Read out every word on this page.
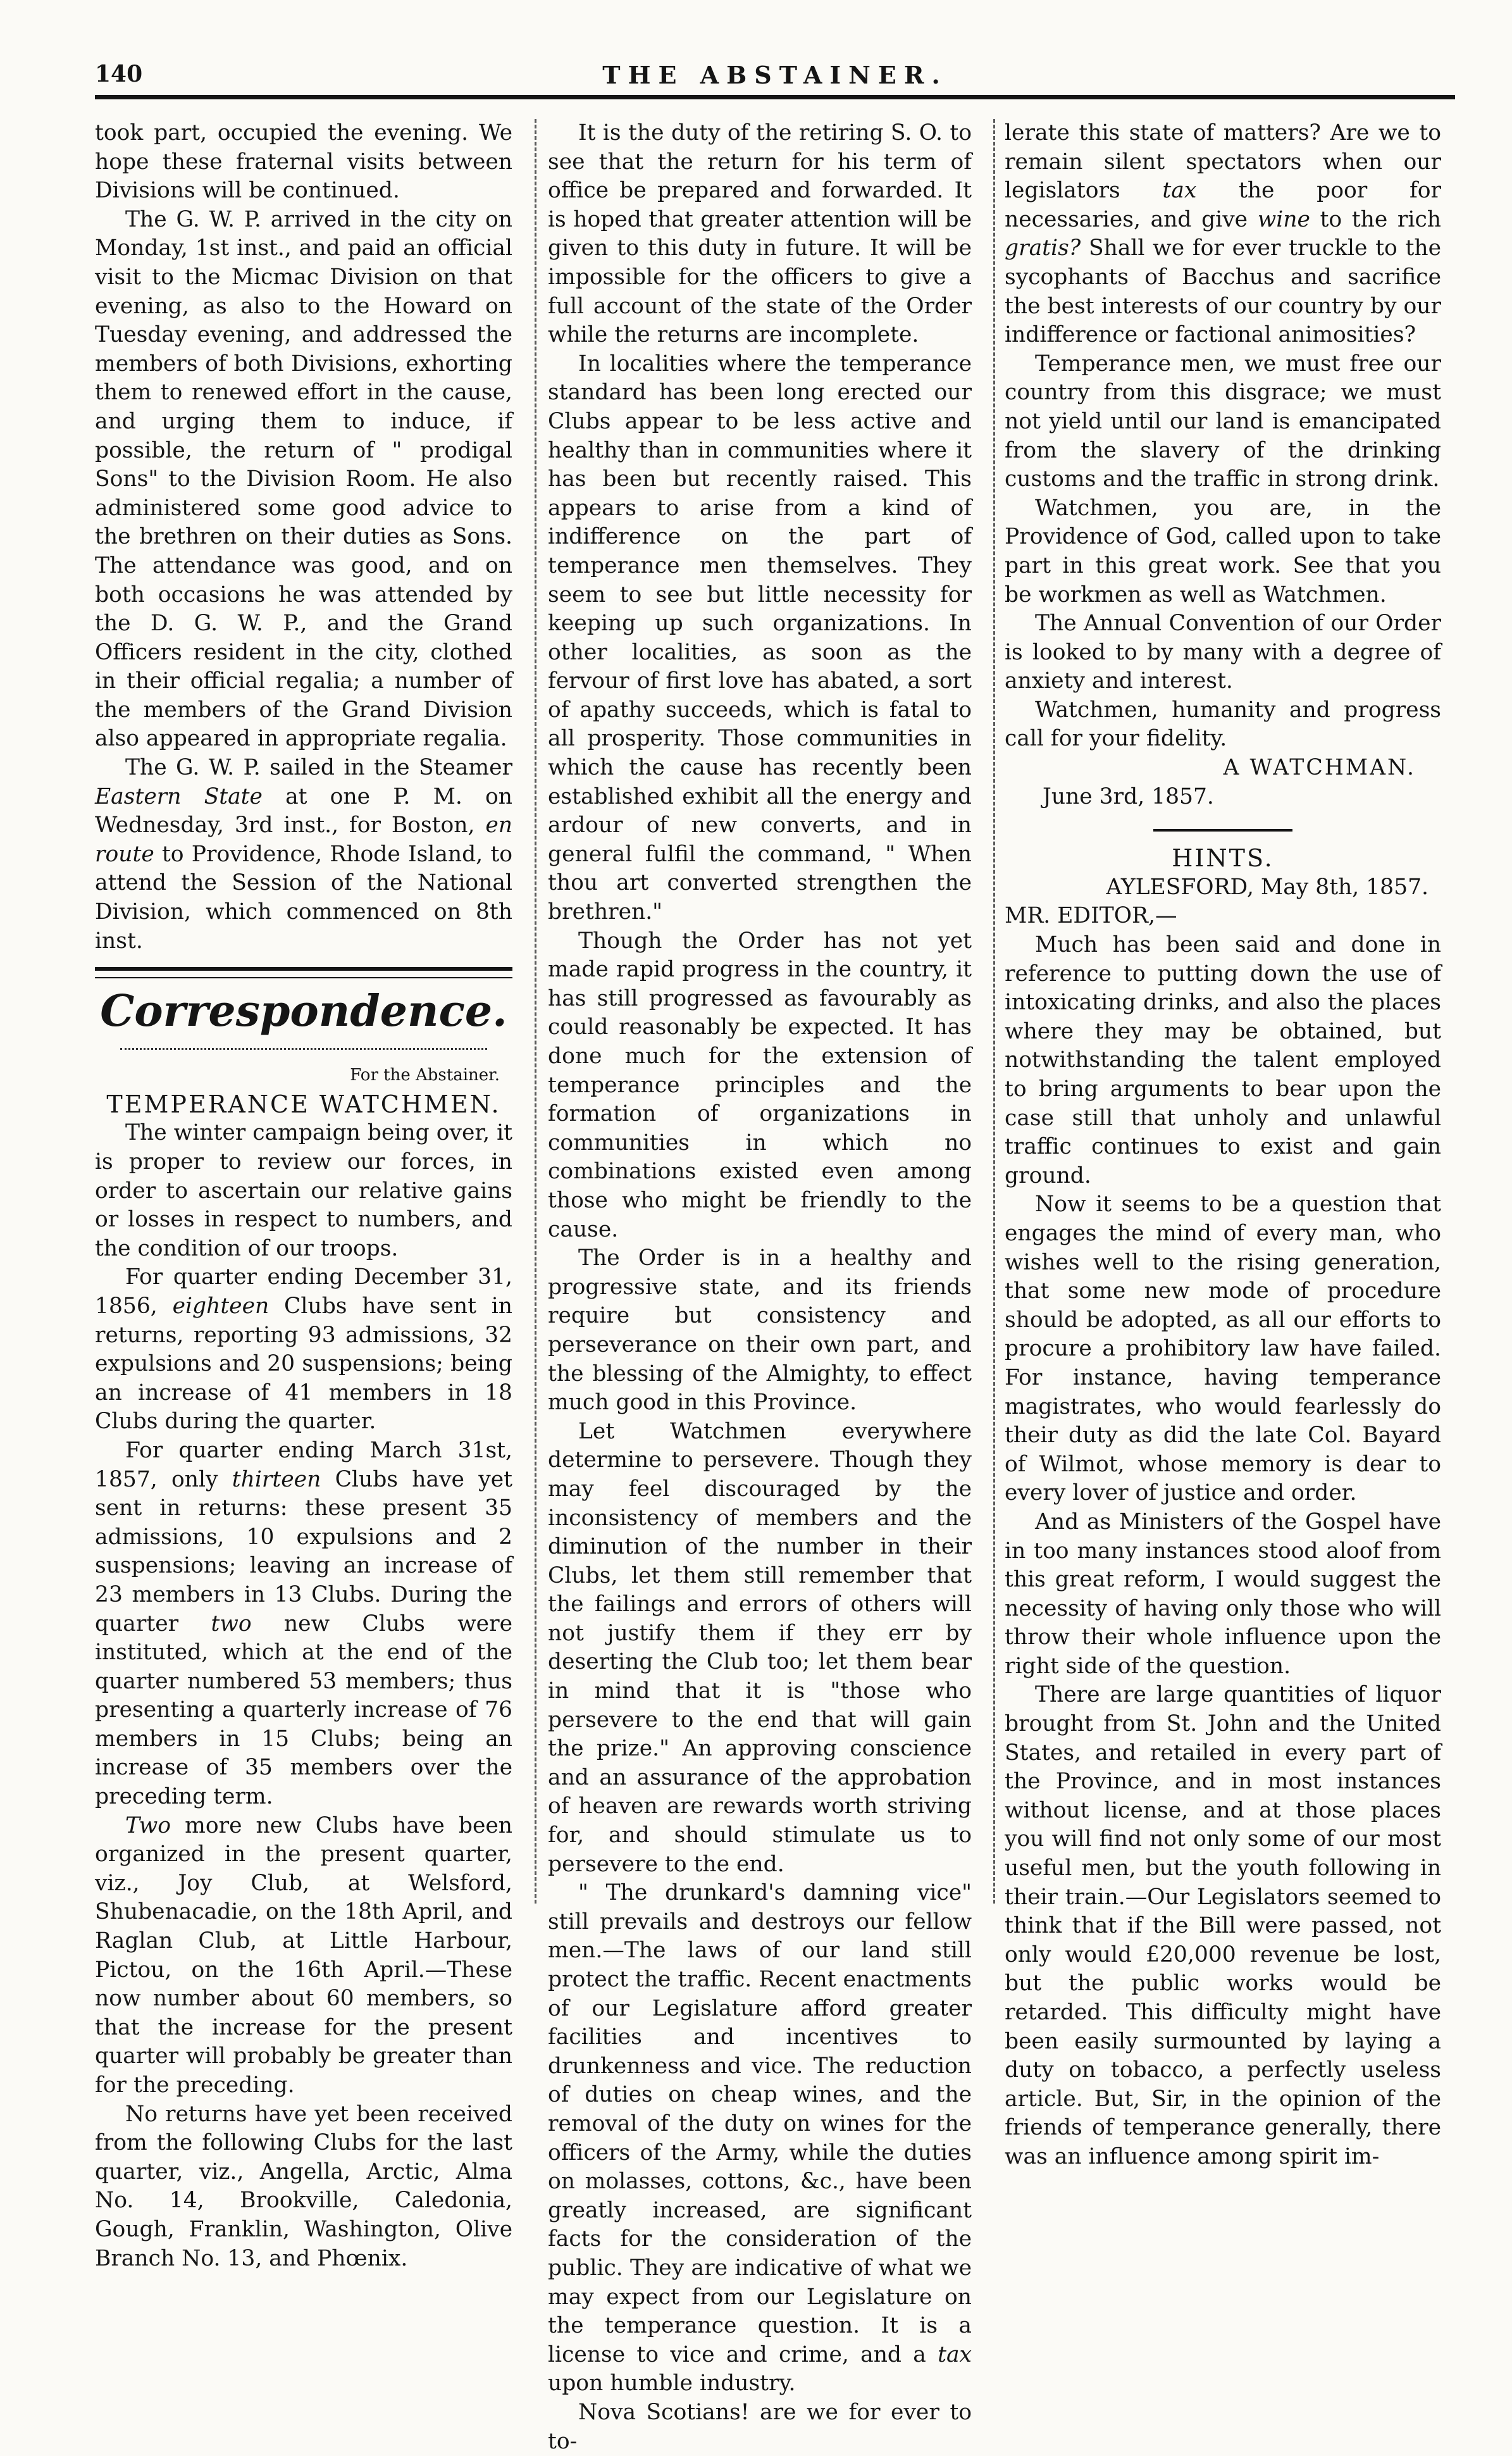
140	THE ABSTAINER.

took part, occupied the evening. We hope these fraternal visits between Divisions will be continued.

The G. W. P. arrived in the city on Monday, 1st inst., and paid an official visit to the Micmac Division on that evening, as also to the Howard on Tuesday evening, and addressed the members of both Divisions, exhorting them to renewed effort in the cause, and urging them to induce, if possible, the return of " prodigal Sons" to the Division Room. He also administered some good advice to the brethren on their duties as Sons. The attendance was good, and on both occasions he was attended by the D. G. W. P., and the Grand Officers resident in the city, clothed in their official regalia; a number of the members of the Grand Division also appeared in appropriate regalia.

The G. W. P. sailed in the Steamer Eastern State at one P. M. on Wednesday, 3rd inst., for Boston, en route to Providence, Rhode Island, to attend the Session of the National Division, which commenced on 8th inst.

Correspondence.
For the Abstainer.
TEMPERANCE WATCHMEN.

The winter campaign being over, it is proper to review our forces, in order to ascertain our relative gains or losses in respect to numbers, and the condition of our troops.

For quarter ending December 31, 1856, eighteen Clubs have sent in returns, reporting 93 admissions, 32 expulsions and 20 suspensions; being an increase of 41 members in 18 Clubs during the quarter.

For quarter ending March 31st, 1857, only thirteen Clubs have yet sent in returns: these present 35 admissions, 10 expulsions and 2 suspensions; leaving an increase of 23 members in 13 Clubs. During the quarter two new Clubs were instituted, which at the end of the quarter numbered 53 members; thus presenting a quarterly increase of 76 members in 15 Clubs; being an increase of 35 members over the preceding term.

Two more new Clubs have been organized in the present quarter, viz., Joy Club, at Welsford, Shubenacadie, on the 18th April, and Raglan Club, at Little Harbour, Pictou, on the 16th April.—These now number about 60 members, so that the increase for the present quarter will probably be greater than for the preceding.

No returns have yet been received from the following Clubs for the last quarter, viz., Angella, Arctic, Alma No. 14, Brookville, Caledonia, Gough, Franklin, Washington, Olive Branch No. 13, and Phœnix.

It is the duty of the retiring S. O. to see that the return for his term of office be prepared and forwarded. It is hoped that greater attention will be given to this duty in future. It will be impossible for the officers to give a full account of the state of the Order while the returns are incomplete.

In localities where the temperance standard has been long erected our Clubs appear to be less active and healthy than in communities where it has been but recently raised. This appears to arise from a kind of indifference on the part of temperance men themselves. They seem to see but little necessity for keeping up such organizations. In other localities, as soon as the fervour of first love has abated, a sort of apathy succeeds, which is fatal to all prosperity. Those communities in which the cause has recently been established exhibit all the energy and ardour of new converts, and in general fulfil the command, " When thou art converted strengthen the brethren."

Though the Order has not yet made rapid progress in the country, it has still progressed as favourably as could reasonably be expected. It has done much for the extension of temperance principles and the formation of organizations in communities in which no combinations existed even among those who might be friendly to the cause.

The Order is in a healthy and progressive state, and its friends require but consistency and perseverance on their own part, and the blessing of the Almighty, to effect much good in this Province.

Let Watchmen everywhere determine to persevere. Though they may feel discouraged by the inconsistency of members and the diminution of the number in their Clubs, let them still remember that the failings and errors of others will not justify them if they err by deserting the Club too; let them bear in mind that it is "those who persevere to the end that will gain the prize." An approving conscience and an assurance of the approbation of heaven are rewards worth striving for, and should stimulate us to persevere to the end.

" The drunkard's damning vice" still prevails and destroys our fellow men.—The laws of our land still protect the traffic. Recent enactments of our Legislature afford greater facilities and incentives to drunkenness and vice. The reduction of duties on cheap wines, and the removal of the duty on wines for the officers of the Army, while the duties on molasses, cottons, &c., have been greatly increased, are significant facts for the consideration of the public. They are indicative of what we may expect from our Legislature on the temperance question. It is a license to vice and crime, and a tax upon humble industry.

Nova Scotians! are we for ever to to-

lerate this state of matters? Are we to remain silent spectators when our legislators tax the poor for necessaries, and give wine to the rich gratis? Shall we for ever truckle to the sycophants of Bacchus and sacrifice the best interests of our country by our indifference or factional animosities?

Temperance men, we must free our country from this disgrace; we must not yield until our land is emancipated from the slavery of the drinking customs and the traffic in strong drink.

Watchmen, you are, in the Providence of God, called upon to take part in this great work. See that you be workmen as well as Watchmen.

The Annual Convention of our Order is looked to by many with a degree of anxiety and interest.

Watchmen, humanity and progress call for your fidelity.

A WATCHMAN.

June 3rd, 1857.

HINTS.
AYLESFORD, May 8th, 1857.

MR. EDITOR,—

Much has been said and done in reference to putting down the use of intoxicating drinks, and also the places where they may be obtained, but notwithstanding the talent employed to bring arguments to bear upon the case still that unholy and unlawful traffic continues to exist and gain ground.

Now it seems to be a question that engages the mind of every man, who wishes well to the rising generation, that some new mode of procedure should be adopted, as all our efforts to procure a prohibitory law have failed. For instance, having temperance magistrates, who would fearlessly do their duty as did the late Col. Bayard of Wilmot, whose memory is dear to every lover of justice and order.

And as Ministers of the Gospel have in too many instances stood aloof from this great reform, I would suggest the necessity of having only those who will throw their whole influence upon the right side of the question.

There are large quantities of liquor brought from St. John and the United States, and retailed in every part of the Province, and in most instances without license, and at those places you will find not only some of our most useful men, but the youth following in their train.—Our Legislators seemed to think that if the Bill were passed, not only would £20,000 revenue be lost, but the public works would be retarded. This difficulty might have been easily surmounted by laying a duty on tobacco, a perfectly useless article. But, Sir, in the opinion of the friends of temperance generally, there was an influence among spirit im-
